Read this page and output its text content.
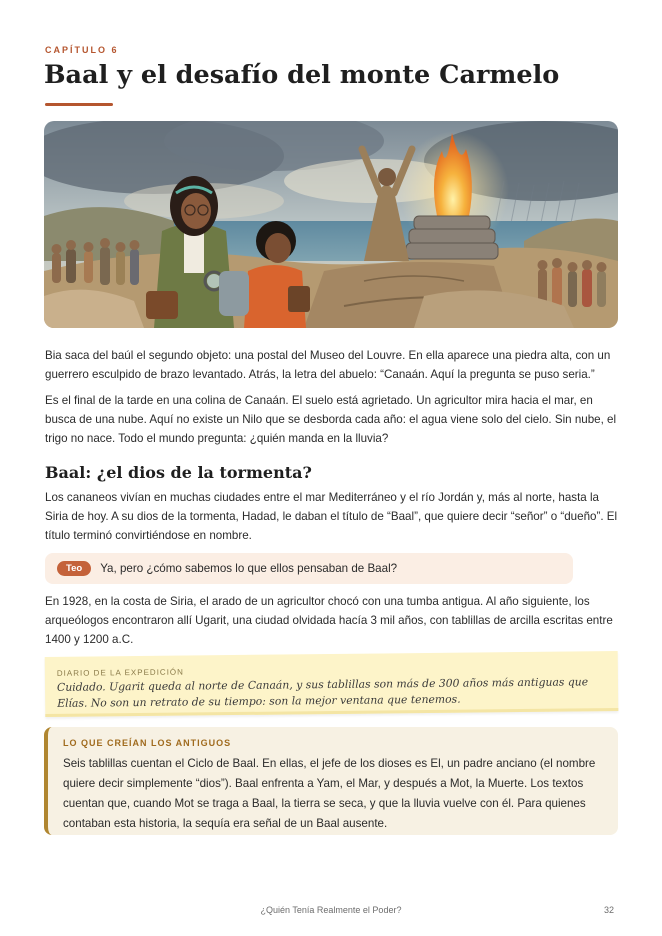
CAPÍTULO 6
Baal y el desafío del monte Carmelo

Bia saca del baúl el segundo objeto: una postal del Museo del Louvre. En ella aparece una piedra alta, con un guerrero esculpido de brazo levantado. Atrás, la letra del abuelo: “Canaán. Aquí la pregunta se puso seria.”

Es el final de la tarde en una colina de Canaán. El suelo está agrietado. Un agricultor mira hacia el mar, en busca de una nube. Aquí no existe un Nilo que se desborda cada año: el agua viene solo del cielo. Sin nube, el trigo no nace. Todo el mundo pregunta: ¿quién manda en la lluvia?

Baal: ¿el dios de la tormenta?

Los cananeos vivían en muchas ciudades entre el mar Mediterráneo y el río Jordán y, más al norte, hasta la Siria de hoy. A su dios de la tormenta, Hadad, le daban el título de “Baal”, que quiere decir “señor” o “dueño”. El título terminó convirtiéndose en nombre.

Teo	Ya, pero ¿cómo sabemos lo que ellos pensaban de Baal?

En 1928, en la costa de Siria, el arado de un agricultor chocó con una tumba antigua. Al año siguiente, los arqueólogos encontraron allí Ugarit, una ciudad olvidada hacía 3 mil años, con tablillas de arcilla escritas entre 1400 y 1200 a.C.

DIARIO DE LA EXPEDICIÓN
Cuidado. Ugarit queda al norte de Canaán, y sus tablillas son más de 300 años más antiguas que Elías. No son un retrato de su tiempo: son la mejor ventana que tenemos.
LO QUE CREÍAN LOS ANTIGUOS
Seis tablillas cuentan el Ciclo de Baal. En ellas, el jefe de los dioses es El, un padre anciano (el nombre quiere decir simplemente “dios”). Baal enfrenta a Yam, el Mar, y después a Mot, la Muerte. Los textos cuentan que, cuando Mot se traga a Baal, la tierra se seca, y que la lluvia vuelve con él. Para quienes contaban esta historia, la sequía era señal de un Baal ausente.
¿Quién Tenía Realmente el Poder?	32
